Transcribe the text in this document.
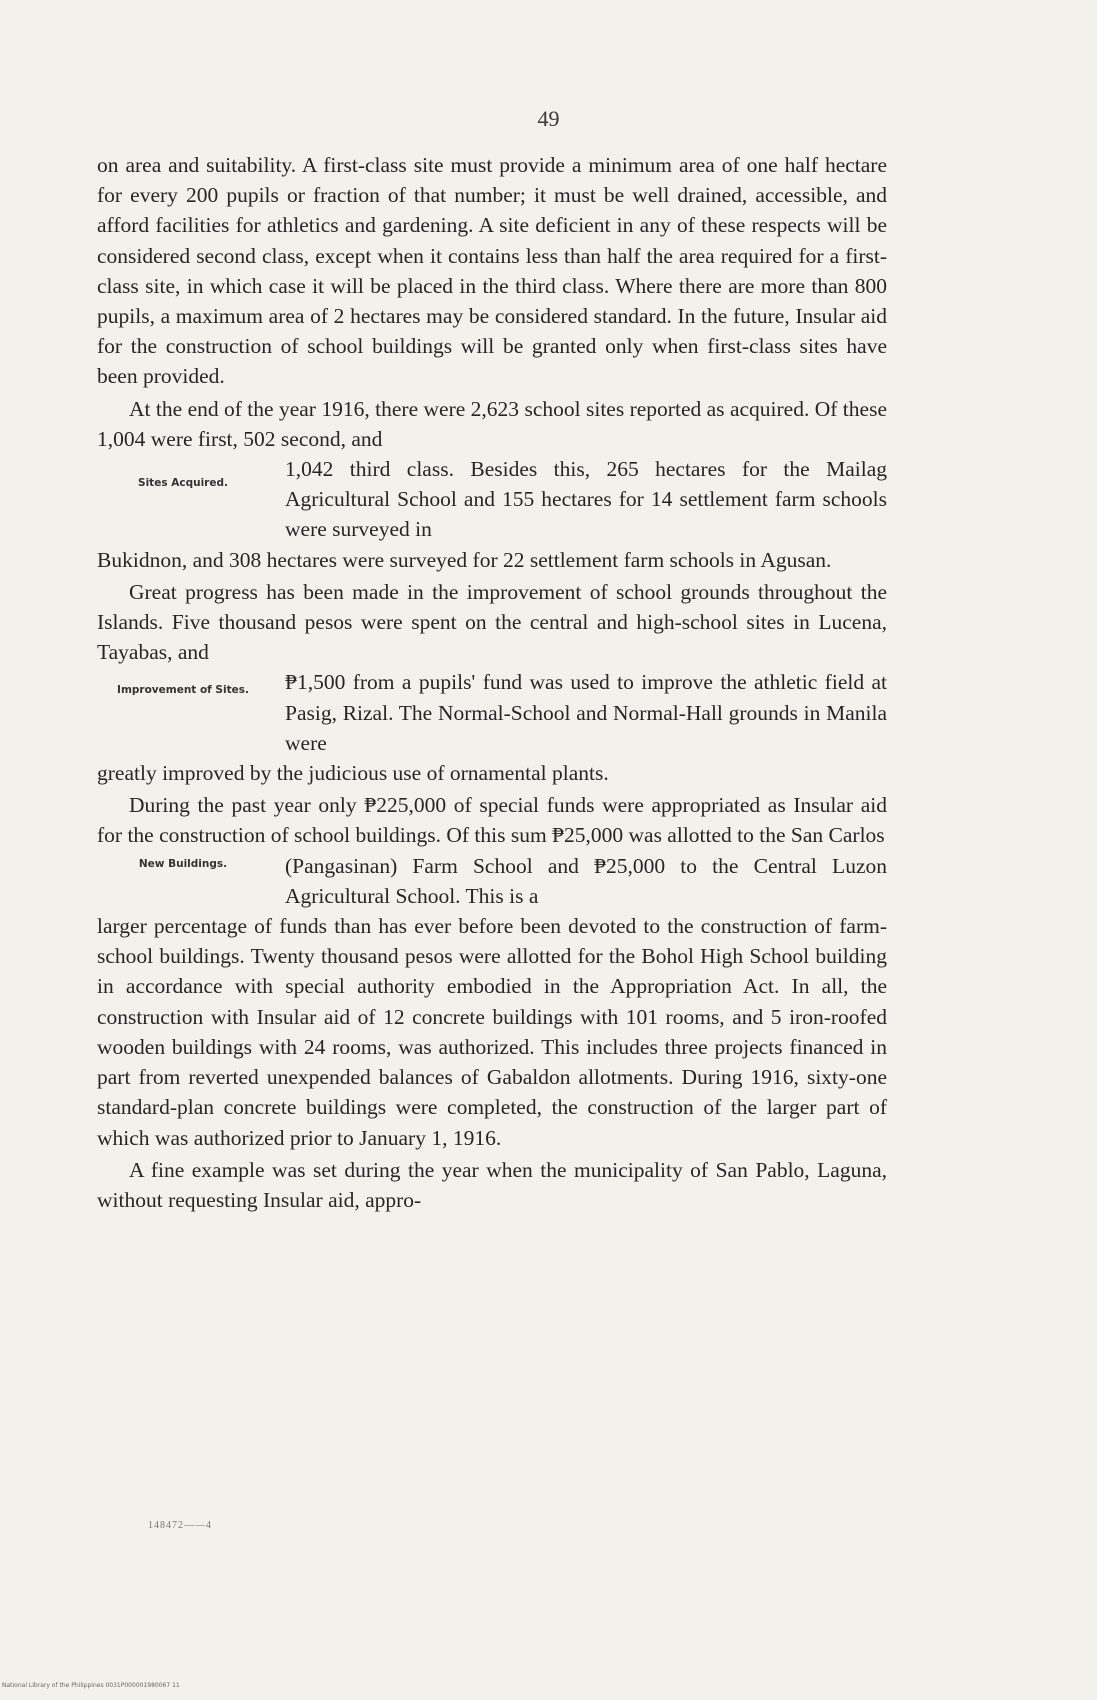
49

on area and suitability. A first-class site must provide a minimum area of one half hectare for every 200 pupils or fraction of that number; it must be well drained, accessible, and afford facilities for athletics and gardening. A site deficient in any of these respects will be considered second class, except when it contains less than half the area required for a first-class site, in which case it will be placed in the third class. Where there are more than 800 pupils, a maximum area of 2 hectares may be considered standard. In the future, Insular aid for the construction of school buildings will be granted only when first-class sites have been provided.

At the end of the year 1916, there were 2,623 school sites reported as acquired. Of these 1,004 were first, 502 second, and

Sites Acquired.

1,042 third class. Besides this, 265 hectares for the Mailag Agricultural School and 155 hectares for 14 settlement farm schools were surveyed in

Bukidnon, and 308 hectares were surveyed for 22 settlement farm schools in Agusan.

Great progress has been made in the improvement of school grounds throughout the Islands. Five thousand pesos were spent on the central and high-school sites in Lucena, Tayabas, and

Improvement of Sites.	₱1,500 from a pupils' fund was used to improve the athletic field at Pasig, Rizal. The Normal-School and Normal-Hall grounds in Manila were

greatly improved by the judicious use of ornamental plants.

During the past year only ₱225,000 of special funds were appropriated as Insular aid for the construction of school buildings. Of this sum ₱25,000 was allotted to the San Carlos

New Buildings.	(Pangasinan) Farm School and ₱25,000 to the Central Luzon Agricultural School. This is a

larger percentage of funds than has ever before been devoted to the construction of farm-school buildings. Twenty thousand pesos were allotted for the Bohol High School building in accordance with special authority embodied in the Appropriation Act. In all, the construction with Insular aid of 12 concrete buildings with 101 rooms, and 5 iron-roofed wooden buildings with 24 rooms, was authorized. This includes three projects financed in part from reverted unexpended balances of Gabaldon allotments. During 1916, sixty-one standard-plan concrete buildings were completed, the construction of the larger part of which was authorized prior to January 1, 1916.

A fine example was set during the year when the municipality of San Pablo, Laguna, without requesting Insular aid, appro-

148472——4
National Library of the Philippines 0031P000001980067 11
